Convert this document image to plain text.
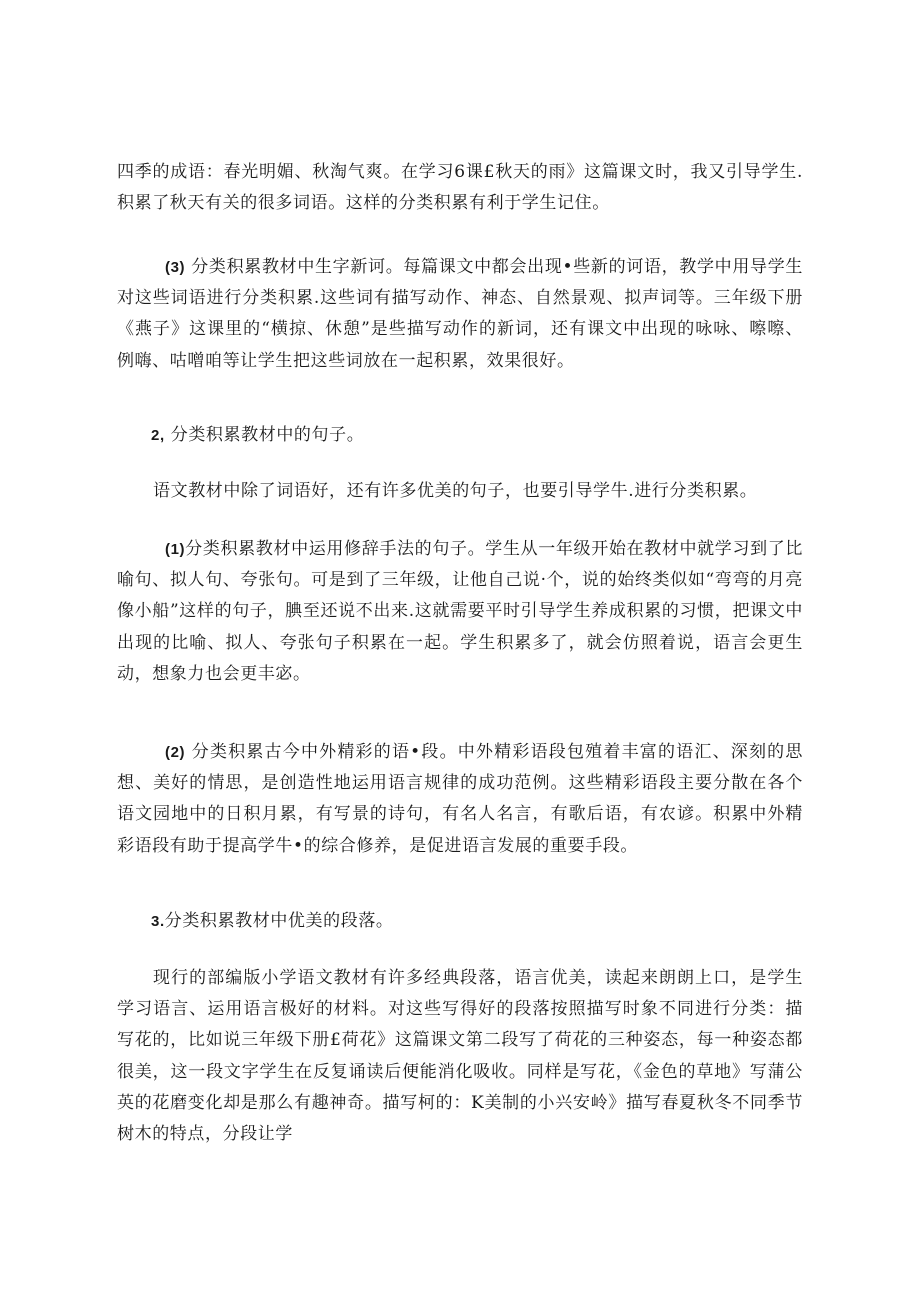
四季的成语：春光明媚、秋淘气爽。在学习6课£秋天的雨》这篇课文时，我又引导学生.积累了秋天有关的很多词语。这样的分类积累有利于学生记住。

(3) 分类积累教材中生字新诃。每篇课文中都会出现•些新的诃语，教学中用导学生对这些词语进行分类积累.这些词有描写动作、神态、自然景观、拟声词等。三年级下册《燕子》这课里的“横掠、休憩”是些描写动作的新词，还有课文中出现的咏咏、嚓嚓、例嗨、咕噌咱等让学生把这些词放在一起积累，效果很好。

2, 分类积累教材中的句子。

语文教材中除了词语好，还有许多优美的句子，也要引导学牛.进行分类积累。

(1)分类积累教材中运用修辞手法的句子。学生从一年级开始在教材中就学习到了比喻句、拟人句、夸张句。可是到了三年级，让他自己说·个，说的始终类似如“弯弯的月亮像小船”这样的句子，腆至还说不出来.这就需要平时引导学生养成积累的习惯，把课文中出现的比喻、拟人、夸张句子积累在一起。学生积累多了，就会仿照着说，语言会更生动，想象力也会更丰宓。

(2) 分类积累古今中外精彩的语•段。中外精彩语段包殖着丰富的语汇、深刻的思想、美好的情思，是创造性地运用语言规律的成功范例。这些精彩语段主要分散在各个语文园地中的日积月累，有写景的诗句，有名人名言，有歌后语，有农谚。积累中外精彩语段有助于提高学牛•的综合修养，是促进语言发展的重要手段。

3.分类积累教材中优美的段落。

现行的部编版小学语文教材有许多经典段落，语言优美，读起来朗朗上口，是学生学习语言、运用语言极好的材料。对这些写得好的段落按照描写时象不同进行分类：描写花的，比如说三年级下册£荷花》这篇课文第二段写了荷花的三种姿态，每一种姿态都很美，这一段文字学生在反复诵读后便能消化吸收。同样是写花，《金色的草地》写蒲公英的花磨变化却是那么有趣神奇。描写柯的：K美制的小兴安岭》描写春夏秋冬不同季节树木的特点，分段让学
